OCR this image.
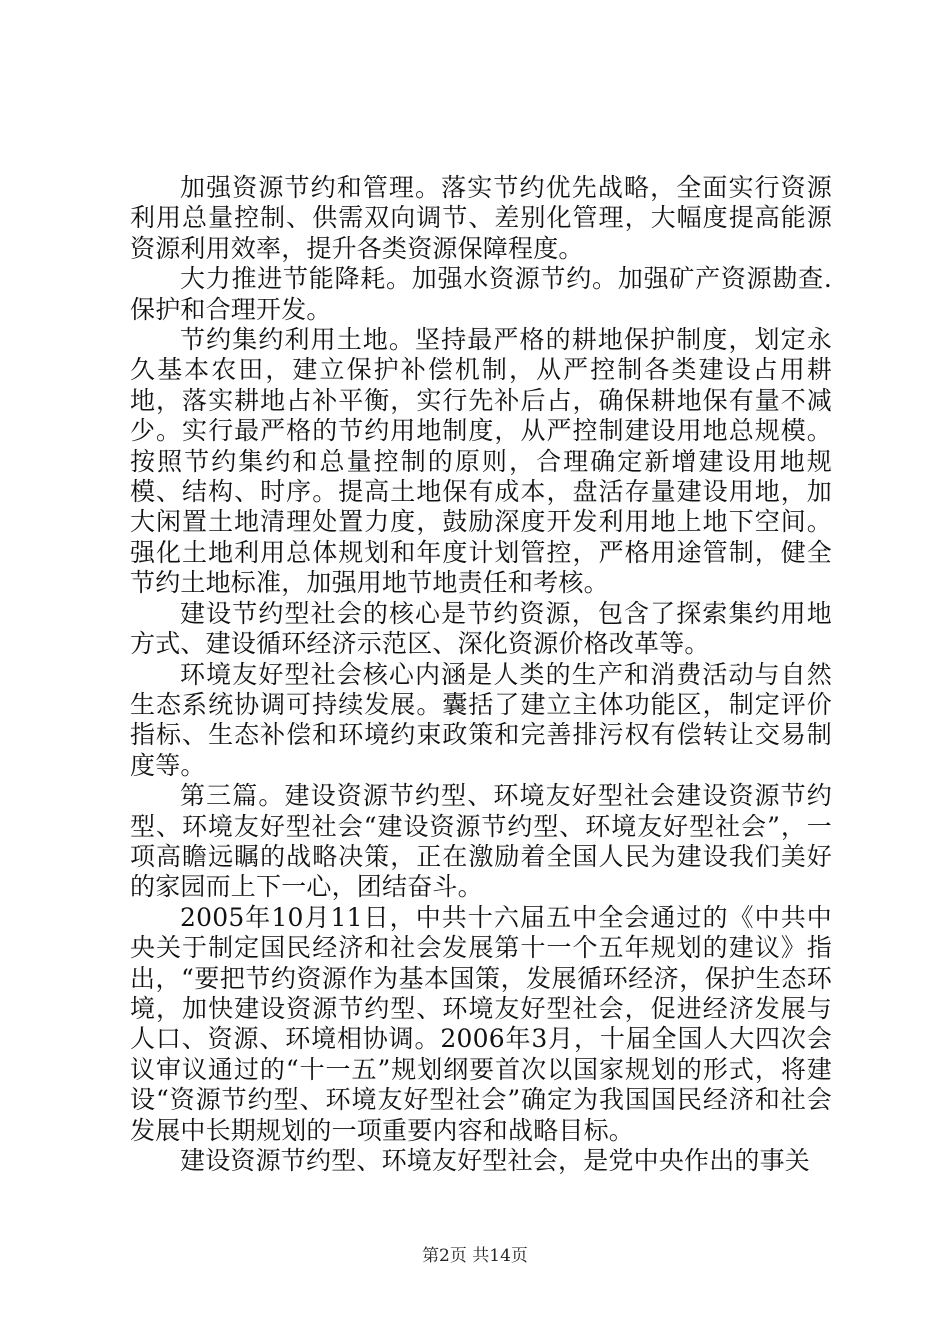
加强资源节约和管理。落实节约优先战略，全面实行资源利用总量控制、供需双向调节、差别化管理，大幅度提高能源资源利用效率，提升各类资源保障程度。

大力推进节能降耗。加强水资源节约。加强矿产资源勘查.保护和合理开发。

节约集约利用土地。坚持最严格的耕地保护制度，划定永久基本农田，建立保护补偿机制，从严控制各类建设占用耕地，落实耕地占补平衡，实行先补后占，确保耕地保有量不减少。实行最严格的节约用地制度，从严控制建设用地总规模。按照节约集约和总量控制的原则，合理确定新增建设用地规模、结构、时序。提高土地保有成本，盘活存量建设用地，加大闲置土地清理处置力度，鼓励深度开发利用地上地下空间。强化土地利用总体规划和年度计划管控，严格用途管制，健全节约土地标准，加强用地节地责任和考核。

建设节约型社会的核心是节约资源，包含了探索集约用地方式、建设循环经济示范区、深化资源价格改革等。

环境友好型社会核心内涵是人类的生产和消费活动与自然生态系统协调可持续发展。囊括了建立主体功能区，制定评价指标、生态补偿和环境约束政策和完善排污权有偿转让交易制度等。

第三篇。建设资源节约型、环境友好型社会建设资源节约型、环境友好型社会“建设资源节约型、环境友好型社会”，一项高瞻远瞩的战略决策，正在激励着全国人民为建设我们美好的家园而上下一心，团结奋斗。

2005年10月11日，中共十六届五中全会通过的《中共中央关于制定国民经济和社会发展第十一个五年规划的建议》指出，“要把节约资源作为基本国策，发展循环经济，保护生态环境，加快建设资源节约型、环境友好型社会，促进经济发展与人口、资源、环境相协调。2006年3月，十届全国人大四次会议审议通过的“十一五”规划纲要首次以国家规划的形式，将建设“资源节约型、环境友好型社会”确定为我国国民经济和社会发展中长期规划的一项重要内容和战略目标。

建设资源节约型、环境友好型社会，是党中央作出的事关

第2页 共14页
